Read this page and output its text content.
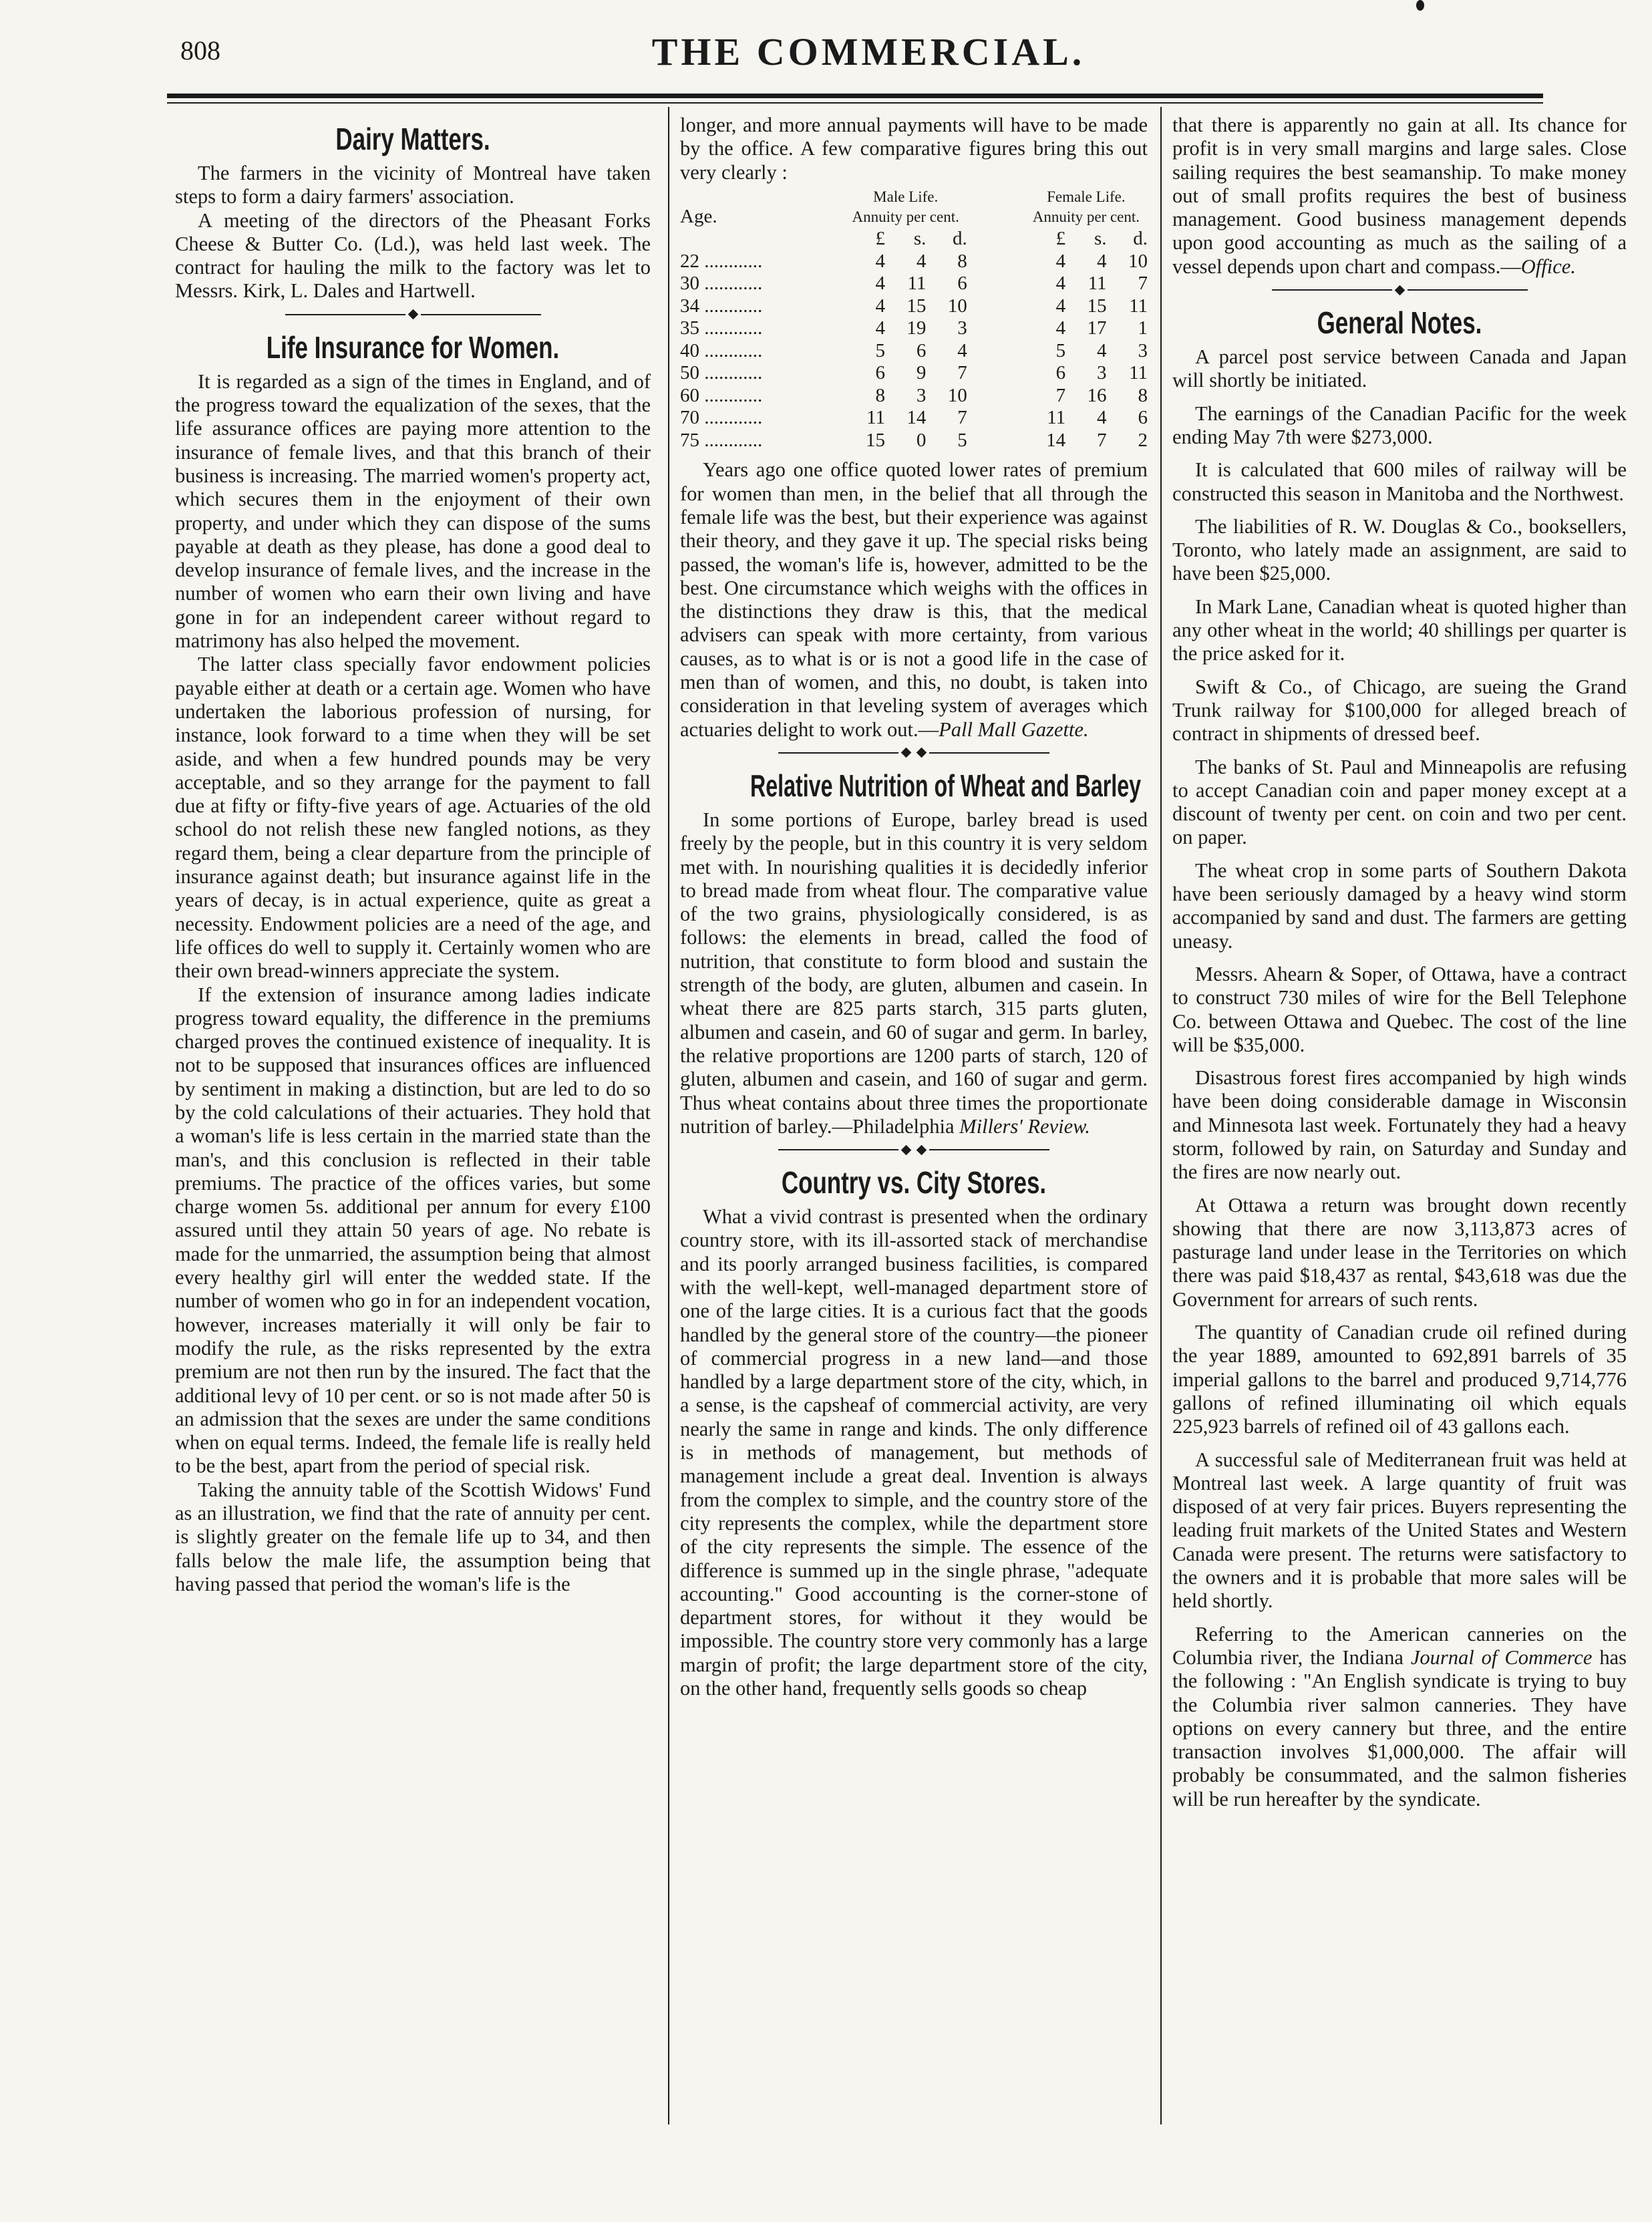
808	THE COMMERCIAL.
Dairy Matters.

The farmers in the vicinity of Montreal have taken steps to form a dairy farmers' association.

A meeting of the directors of the Pheasant Forks Cheese & Butter Co. (Ld.), was held last week. The contract for hauling the milk to the factory was let to Messrs. Kirk, L. Dales and Hartwell.

Life Insurance for Women.

It is regarded as a sign of the times in England, and of the progress toward the equalization of the sexes, that the life assurance offices are paying more attention to the insurance of female lives, and that this branch of their business is increasing. The married women's property act, which secures them in the enjoyment of their own property, and under which they can dispose of the sums payable at death as they please, has done a good deal to develop insurance of female lives, and the increase in the number of women who earn their own living and have gone in for an independent career without regard to matrimony has also helped the movement.

The latter class specially favor endowment policies payable either at death or a certain age. Women who have undertaken the laborious profession of nursing, for instance, look forward to a time when they will be set aside, and when a few hundred pounds may be very acceptable, and so they arrange for the payment to fall due at fifty or fifty-five years of age. Actuaries of the old school do not relish these new fangled notions, as they regard them, being a clear departure from the principle of insurance against death; but insurance against life in the years of decay, is in actual experience, quite as great a necessity. Endowment policies are a need of the age, and life offices do well to supply it. Certainly women who are their own bread-winners appreciate the system.

If the extension of insurance among ladies indicate progress toward equality, the difference in the premiums charged proves the continued existence of inequality. It is not to be supposed that insurances offices are influenced by sentiment in making a distinction, but are led to do so by the cold calculations of their actuaries. They hold that a woman's life is less certain in the married state than the man's, and this conclusion is reflected in their table premiums. The practice of the offices varies, but some charge women 5s. additional per annum for every £100 assured until they attain 50 years of age. No rebate is made for the unmarried, the assumption being that almost every healthy girl will enter the wedded state. If the number of women who go in for an independent vocation, however, increases materially it will only be fair to modify the rule, as the risks represented by the extra premium are not then run by the insured. The fact that the additional levy of 10 per cent. or so is not made after 50 is an admission that the sexes are under the same conditions when on equal terms. Indeed, the female life is really held to be the best, apart from the period of special risk.

Taking the annuity table of the Scottish Widows' Fund as an illustration, we find that the rate of annuity per cent. is slightly greater on the female life up to 34, and then falls below the male life, the assumption being that having passed that period the woman's life is the

longer, and more annual payments will have to be made by the office. A few comparative figures bring this out very clearly :

	Male Life.				Female Life.		
Age.	Annuity per cent.				Annuity per cent.		
	£	s.	d.		£	s.	d.
22 ............	4	4	8		4	4	10
30 ............	4	11	6		4	11	7
34 ............	4	15	10		4	15	11
35 ............	4	19	3		4	17	1
40 ............	5	6	4		5	4	3
50 ............	6	9	7		6	3	11
60 ............	8	3	10		7	16	8
70 ............	11	14	7		11	4	6
75 ............	15	0	5		14	7	2

Years ago one office quoted lower rates of premium for women than men, in the belief that all through the female life was the best, but their experience was against their theory, and they gave it up. The special risks being passed, the woman's life is, however, admitted to be the best. One circumstance which weighs with the offices in the distinctions they draw is this, that the medical advisers can speak with more certainty, from various causes, as to what is or is not a good life in the case of men than of women, and this, no doubt, is taken into consideration in that leveling system of averages which actuaries delight to work out.—Pall Mall Gazette.

Relative Nutrition of Wheat and Barley

In some portions of Europe, barley bread is used freely by the people, but in this country it is very seldom met with. In nourishing qualities it is decidedly inferior to bread made from wheat flour. The comparative value of the two grains, physiologically considered, is as follows: the elements in bread, called the food of nutrition, that constitute to form blood and sustain the strength of the body, are gluten, albumen and casein. In wheat there are 825 parts starch, 315 parts gluten, albumen and casein, and 60 of sugar and germ. In barley, the relative proportions are 1200 parts of starch, 120 of gluten, albumen and casein, and 160 of sugar and germ. Thus wheat contains about three times the proportionate nutrition of barley.—Philadelphia Millers' Review.

Country vs. City Stores.

What a vivid contrast is presented when the ordinary country store, with its ill-assorted stack of merchandise and its poorly arranged business facilities, is compared with the well-kept, well-managed department store of one of the large cities. It is a curious fact that the goods handled by the general store of the country—the pioneer of commercial progress in a new land—and those handled by a large department store of the city, which, in a sense, is the capsheaf of commercial activity, are very nearly the same in range and kinds. The only difference is in methods of management, but methods of management include a great deal. Invention is always from the complex to simple, and the country store of the city represents the complex, while the department store of the city represents the simple. The essence of the difference is summed up in the single phrase, "adequate accounting." Good accounting is the corner-stone of department stores, for without it they would be impossible. The country store very commonly has a large margin of profit; the large department store of the city, on the other hand, frequently sells goods so cheap

that there is apparently no gain at all. Its chance for profit is in very small margins and large sales. Close sailing requires the best seamanship. To make money out of small profits requires the best of business management. Good business management depends upon good accounting as much as the sailing of a vessel depends upon chart and compass.—Office.

General Notes.

A parcel post service between Canada and Japan will shortly be initiated.

The earnings of the Canadian Pacific for the week ending May 7th were $273,000.

It is calculated that 600 miles of railway will be constructed this season in Manitoba and the Northwest.

The liabilities of R. W. Douglas & Co., booksellers, Toronto, who lately made an assignment, are said to have been $25,000.

In Mark Lane, Canadian wheat is quoted higher than any other wheat in the world; 40 shillings per quarter is the price asked for it.

Swift & Co., of Chicago, are sueing the Grand Trunk railway for $100,000 for alleged breach of contract in shipments of dressed beef.

The banks of St. Paul and Minneapolis are refusing to accept Canadian coin and paper money except at a discount of twenty per cent. on coin and two per cent. on paper.

The wheat crop in some parts of Southern Dakota have been seriously damaged by a heavy wind storm accompanied by sand and dust. The farmers are getting uneasy.

Messrs. Ahearn & Soper, of Ottawa, have a contract to construct 730 miles of wire for the Bell Telephone Co. between Ottawa and Quebec. The cost of the line will be $35,000.

Disastrous forest fires accompanied by high winds have been doing considerable damage in Wisconsin and Minnesota last week. Fortunately they had a heavy storm, followed by rain, on Saturday and Sunday and the fires are now nearly out.

At Ottawa a return was brought down recently showing that there are now 3,113,873 acres of pasturage land under lease in the Territories on which there was paid $18,437 as rental, $43,618 was due the Government for arrears of such rents.

The quantity of Canadian crude oil refined during the year 1889, amounted to 692,891 barrels of 35 imperial gallons to the barrel and produced 9,714,776 gallons of refined illuminating oil which equals 225,923 barrels of refined oil of 43 gallons each.

A successful sale of Mediterranean fruit was held at Montreal last week. A large quantity of fruit was disposed of at very fair prices. Buyers representing the leading fruit markets of the United States and Western Canada were present. The returns were satisfactory to the owners and it is probable that more sales will be held shortly.

Referring to the American canneries on the Columbia river, the Indiana Journal of Commerce has the following : "An English syndicate is trying to buy the Columbia river salmon canneries. They have options on every cannery but three, and the entire transaction involves $1,000,000. The affair will probably be consummated, and the salmon fisheries will be run hereafter by the syndicate.
